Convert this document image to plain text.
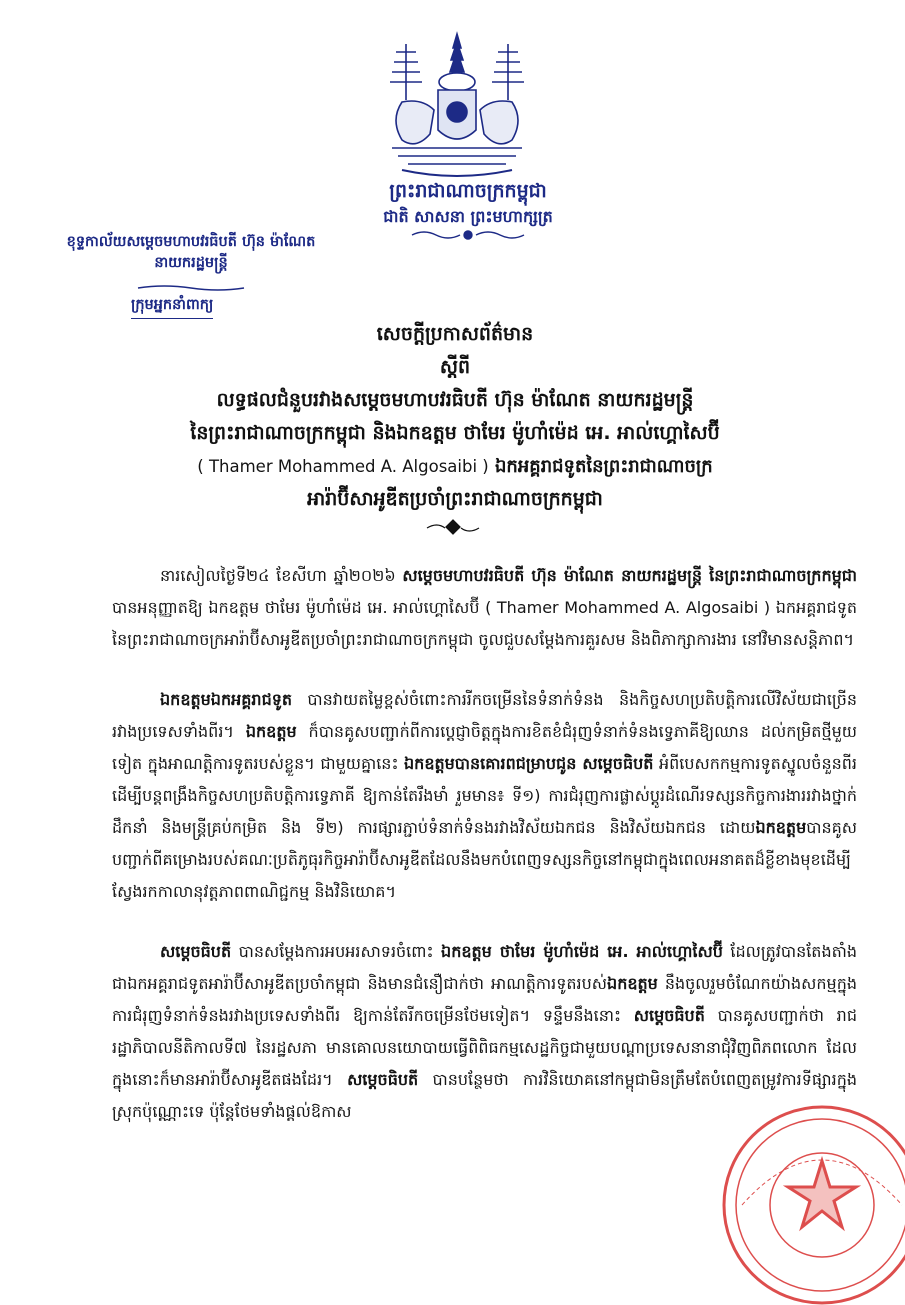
ព្រះរាជាណាចក្រកម្ពុជា
ជាតិ សាសនា ព្រះមហាក្សត្រ
ខុទ្ទកាល័យសម្តេចមហាបវរធិបតី ហ៊ុន ម៉ាណែត
នាយករដ្ឋមន្ត្រី
ក្រុមអ្នកនាំពាក្យ
សេចក្តីប្រកាសព័ត៌មាន
ស្តីពី
លទ្ធផលជំនួបរវាងសម្តេចមហាបវរធិបតី ហ៊ុន ម៉ាណែត នាយករដ្ឋមន្ត្រី
នៃព្រះរាជាណាចក្រកម្ពុជា និងឯកឧត្តម ថាមែរ ម៉ូហាំម៉េដ អេ. អាល់ហ្គោសៃប៊ី
( Thamer Mohammed A. Algosaibi ) ឯកអគ្គរាជទូតនៃព្រះរាជាណាចក្រ
អារ៉ាប៊ីសាអូឌីតប្រចាំព្រះរាជាណាចក្រកម្ពុជា

នារសៀលថ្ងៃទី២៤ ខែសីហា ឆ្នាំ២០២៦ សម្តេចមហាបវរធិបតី ហ៊ុន ម៉ាណែត នាយករដ្ឋមន្ត្រី នៃព្រះរាជាណាចក្រកម្ពុជា បានអនុញ្ញាតឱ្យ ឯកឧត្តម ថាមែរ ម៉ូហាំម៉េដ អេ. អាល់ហ្គោសៃប៊ី ( Thamer Mohammed A. Algosaibi ) ឯកអគ្គរាជទូតនៃព្រះរាជាណាចក្រអារ៉ាប៊ីសាអូឌីតប្រចាំព្រះរាជាណាចក្រកម្ពុជា ចូលជួបសម្តែងការគួរសម និងពិភាក្សាការងារ នៅវិមានសន្តិភាព។

ឯកឧត្តមឯកអគ្គរាជទូត បានវាយតម្លៃខ្ពស់ចំពោះការរីកចម្រើននៃទំនាក់ទំនង និងកិច្ចសហប្រតិបត្តិការលើវិស័យជាច្រើនរវាងប្រទេសទាំងពីរ។ ឯកឧត្តម ក៏បានគូសបញ្ជាក់ពីការប្តេជ្ញាចិត្តក្នុងការខិតខំជំរុញទំនាក់ទំនងទ្វេភាគីឱ្យឈាន ដល់កម្រិតថ្មីមួយទៀត ក្នុងអាណត្តិការទូតរបស់ខ្លួន។ ជាមួយគ្នានេះ ឯកឧត្តមបានគោរពជម្រាបជូន សម្តេចធិបតី អំពីបេសកកម្មការទូតស្នូលចំនួនពីរ ដើម្បីបន្តពង្រឹងកិច្ចសហប្រតិបត្តិការទ្វេភាគី ឱ្យកាន់តែរឹងមាំ រួមមាន៖ ទី១) ការជំរុញការផ្លាស់ប្តូរដំណើរទស្សនកិច្ចការងាររវាងថ្នាក់ដឹកនាំ និងមន្ត្រីគ្រប់កម្រិត និង ទី២) ការផ្សារភ្ជាប់ទំនាក់ទំនងរវាងវិស័យឯកជន និងវិស័យឯកជន ដោយឯកឧត្តមបានគូសបញ្ជាក់ពីគម្រោងរបស់គណៈប្រតិភូធុរកិច្ចអារ៉ាប៊ីសាអូឌីតដែលនឹងមកបំពេញទស្សនកិច្ចនៅកម្ពុជាក្នុងពេលអនាគតដ៏ខ្លីខាងមុខដើម្បីស្វែងរកកាលានុវត្តភាពពាណិជ្ជកម្ម និងវិនិយោគ។

សម្តេចធិបតី បានសម្តែងការអបអរសាទរចំពោះ ឯកឧត្តម ថាមែរ ម៉ូហាំម៉េដ អេ. អាល់ហ្គោសៃប៊ី ដែលត្រូវបានតែងតាំងជាឯកអគ្គរាជទូតអារ៉ាប៊ីសាអូឌីតប្រចាំកម្ពុជា និងមានជំនឿជាក់ថា អាណត្តិការទូតរបស់ឯកឧត្តម នឹងចូលរួមចំណែកយ៉ាងសកម្មក្នុងការជំរុញទំនាក់ទំនងរវាងប្រទេសទាំងពីរ ឱ្យកាន់តែរីកចម្រើនថែមទៀត។ ទន្ទឹមនឹងនោះ សម្តេចធិបតី បានគូសបញ្ជាក់ថា រាជរដ្ឋាភិបាលនីតិកាលទី៧ នៃរដ្ឋសភា មានគោលនយោបាយធ្វើពិពិធកម្មសេដ្ឋកិច្ចជាមួយបណ្តាប្រទេសនានាជុំវិញពិភពលោក ដែលក្នុងនោះក៏មានអារ៉ាប៊ីសាអូឌីតផងដែរ។ សម្តេចធិបតី បានបន្ថែមថា ការវិនិយោគនៅកម្ពុជាមិនត្រឹមតែបំពេញតម្រូវការទីផ្សារក្នុងស្រុកប៉ុណ្ណោះទេ ប៉ុន្តែថែមទាំងផ្តល់ឱកាស
